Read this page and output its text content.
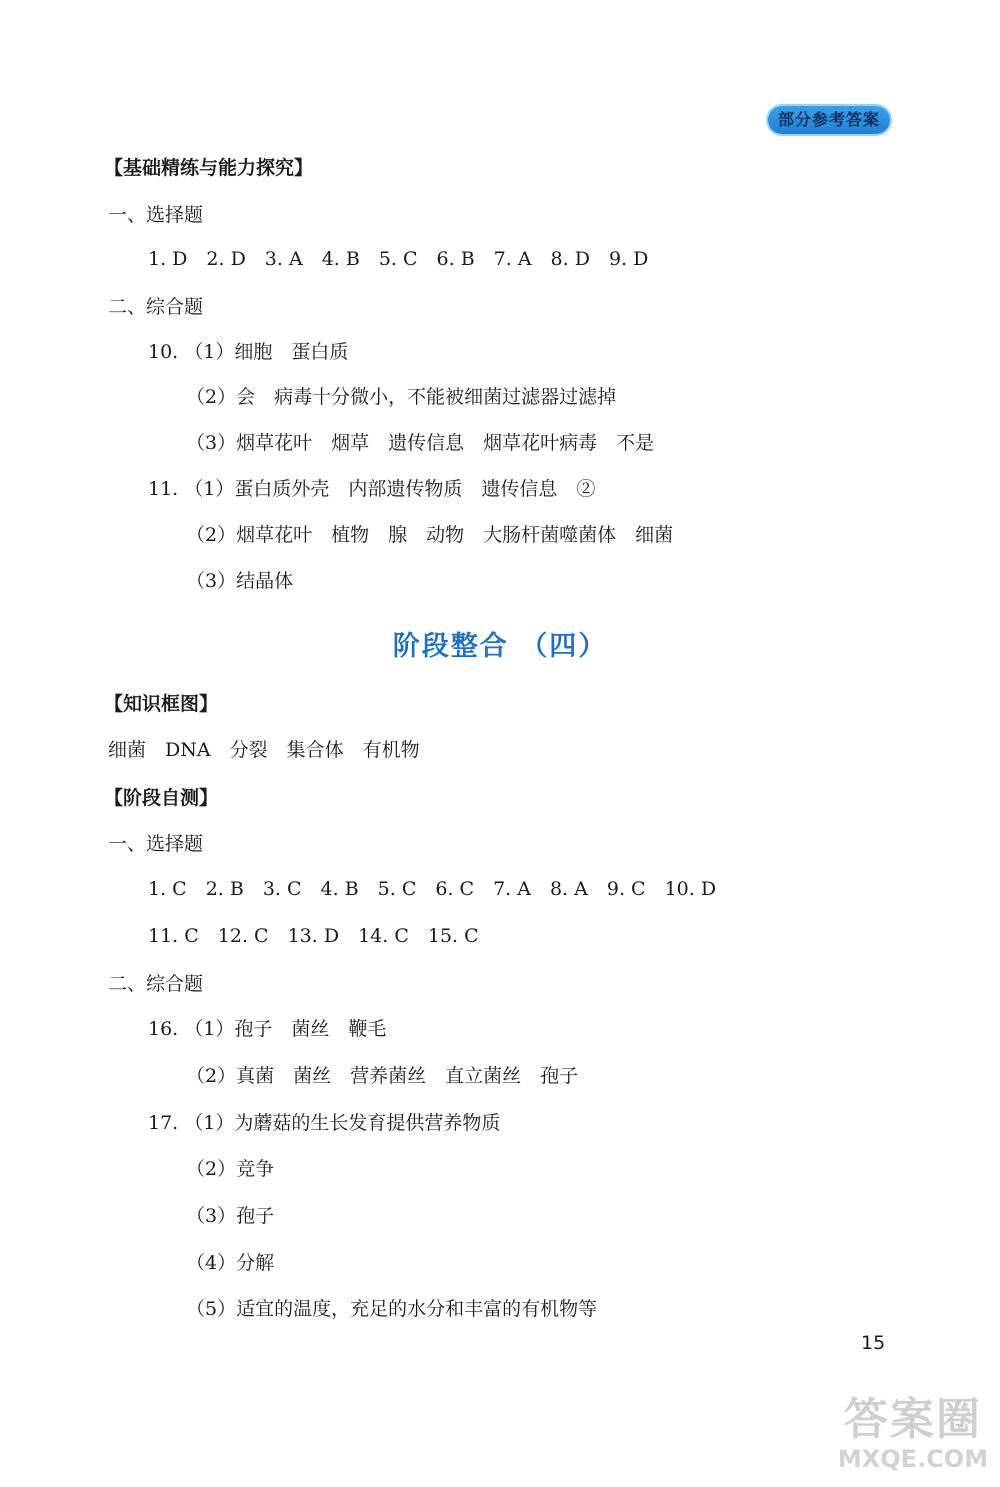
部分参考答案
【基础精练与能力探究】
一、选择题
1. D　2. D　3. A　4. B　5. C　6. B　7. A　8. D　9. D
二、综合题
10. （1）细胞　蛋白质
（2）会　病毒十分微小，不能被细菌过滤器过滤掉
（3）烟草花叶　烟草　遗传信息　烟草花叶病毒　不是
11. （1）蛋白质外壳　内部遗传物质　遗传信息　②
（2）烟草花叶　植物　腺　动物　大肠杆菌噬菌体　细菌
（3）结晶体
阶段整合 （四）
【知识框图】
细菌　DNA　分裂　集合体　有机物
【阶段自测】
一、选择题
1. C　2. B　3. C　4. B　5. C　6. C　7. A　8. A　9. C　10. D
11. C　12. C　13. D　14. C　15. C
二、综合题
16. （1）孢子　菌丝　鞭毛
（2）真菌　菌丝　营养菌丝　直立菌丝　孢子
17. （1）为蘑菇的生长发育提供营养物质
（2）竞争
（3）孢子
（4）分解
（5）适宜的温度，充足的水分和丰富的有机物等
15
答案圈
MXQE.COM
